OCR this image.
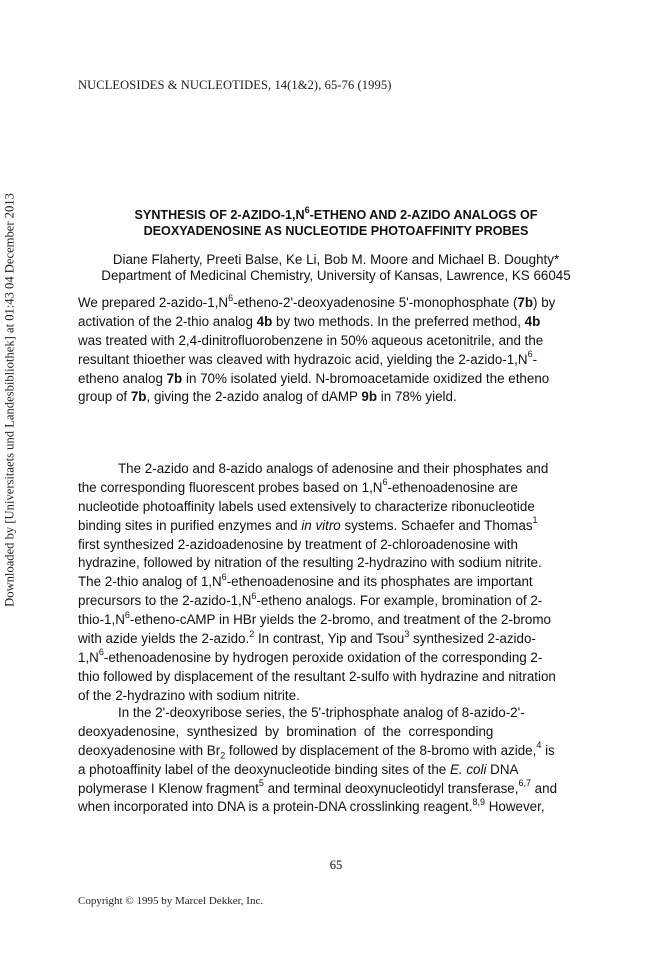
NUCLEOSIDES & NUCLEOTIDES, 14(1&2), 65-76 (1995)
Downloaded by [Universitaets und Landesbibliothek] at 01:43 04 December 2013	SYNTHESIS OF $2-AZIDO-1,N^6$-ETHENO AND 2-AZIDO ANALOGS OF
DEOXYADENOSINE AS NUCLEOTIDE PHOTOAFFINITY PROBES
Diane Flaherty, Preeti Balse, Ke Li, Bob M. Moore and Michael B. Doughty*
Department of Medicinal Chemistry, University of Kansas, Lawrence, KS 66045
We prepared $2-azido-1,N^6-etheno-2'$-deoxyadenosine 5'-monophosphate (7b) by
activation of the 2-thio analog 4b by two methods. In the preferred method, 4b
was treated with 2,4-dinitrofluorobenzene in 50% aqueous acetonitrile, and the
resultant thioether was cleaved with hydrazoic acid, yielding the $2-azido-1,N^6-$
etheno analog 7b in 70% isolated yield. N-bromoacetamide oxidized the etheno
group of 7b, giving the 2-azido analog of dAMP 9b in 78% yield.
The 2-azido and 8-azido analogs of adenosine and their phosphates and
the corresponding fluorescent probes based on $1,N^6$-ethenoadenosine are
nucleotide photoaffinity labels used extensively to characterize ribonucleotide
binding sites in purified enzymes and in vitro systems. Schaefer and Thomas$^1$
first synthesized 2-azidoadenosine by treatment of 2-chloroadenosine with
hydrazine, followed by nitration of the resulting 2-hydrazino with sodium nitrite.
The 2-thio analog of $1,N^6$-ethenoadenosine and its phosphates are important
precursors to the $2-azido-1,N^6$-etheno analogs. For example, bromination of 2-
thio-$1,N^6-etheno$-cAMP in HBr yields the 2-bromo, and treatment of the 2-bromo
with azide yields the 2-azido.$^2$ In contrast, Yip and Tsou$^3$ synthesized 2-azido-
$1,N^6$-ethenoadenosine by hydrogen peroxide oxidation of the corresponding 2-
thio followed by displacement of the resultant 2-sulfo with hydrazine and nitration
of the 2-hydrazino with sodium nitrite.
In the 2'-deoxyribose series, the 5'-triphosphate analog of 8-azido-2'-
deoxyadenosine,  synthesized  by  bromination  of  the  corresponding
deoxyadenosine with $Br_2$ followed by displacement of the 8-bromo with azide,$^4$ is
a photoaffinity label of the deoxynucleotide binding sites of the E. coli DNA
polymerase I Klenow fragment$^5$ and terminal deoxynucleotidyl transferase,$^{6,7}$ and
when incorporated into DNA is a protein-DNA crosslinking reagent.$^{8,9}$ However,
65
Copyright © 1995 by Marcel Dekker, Inc.
